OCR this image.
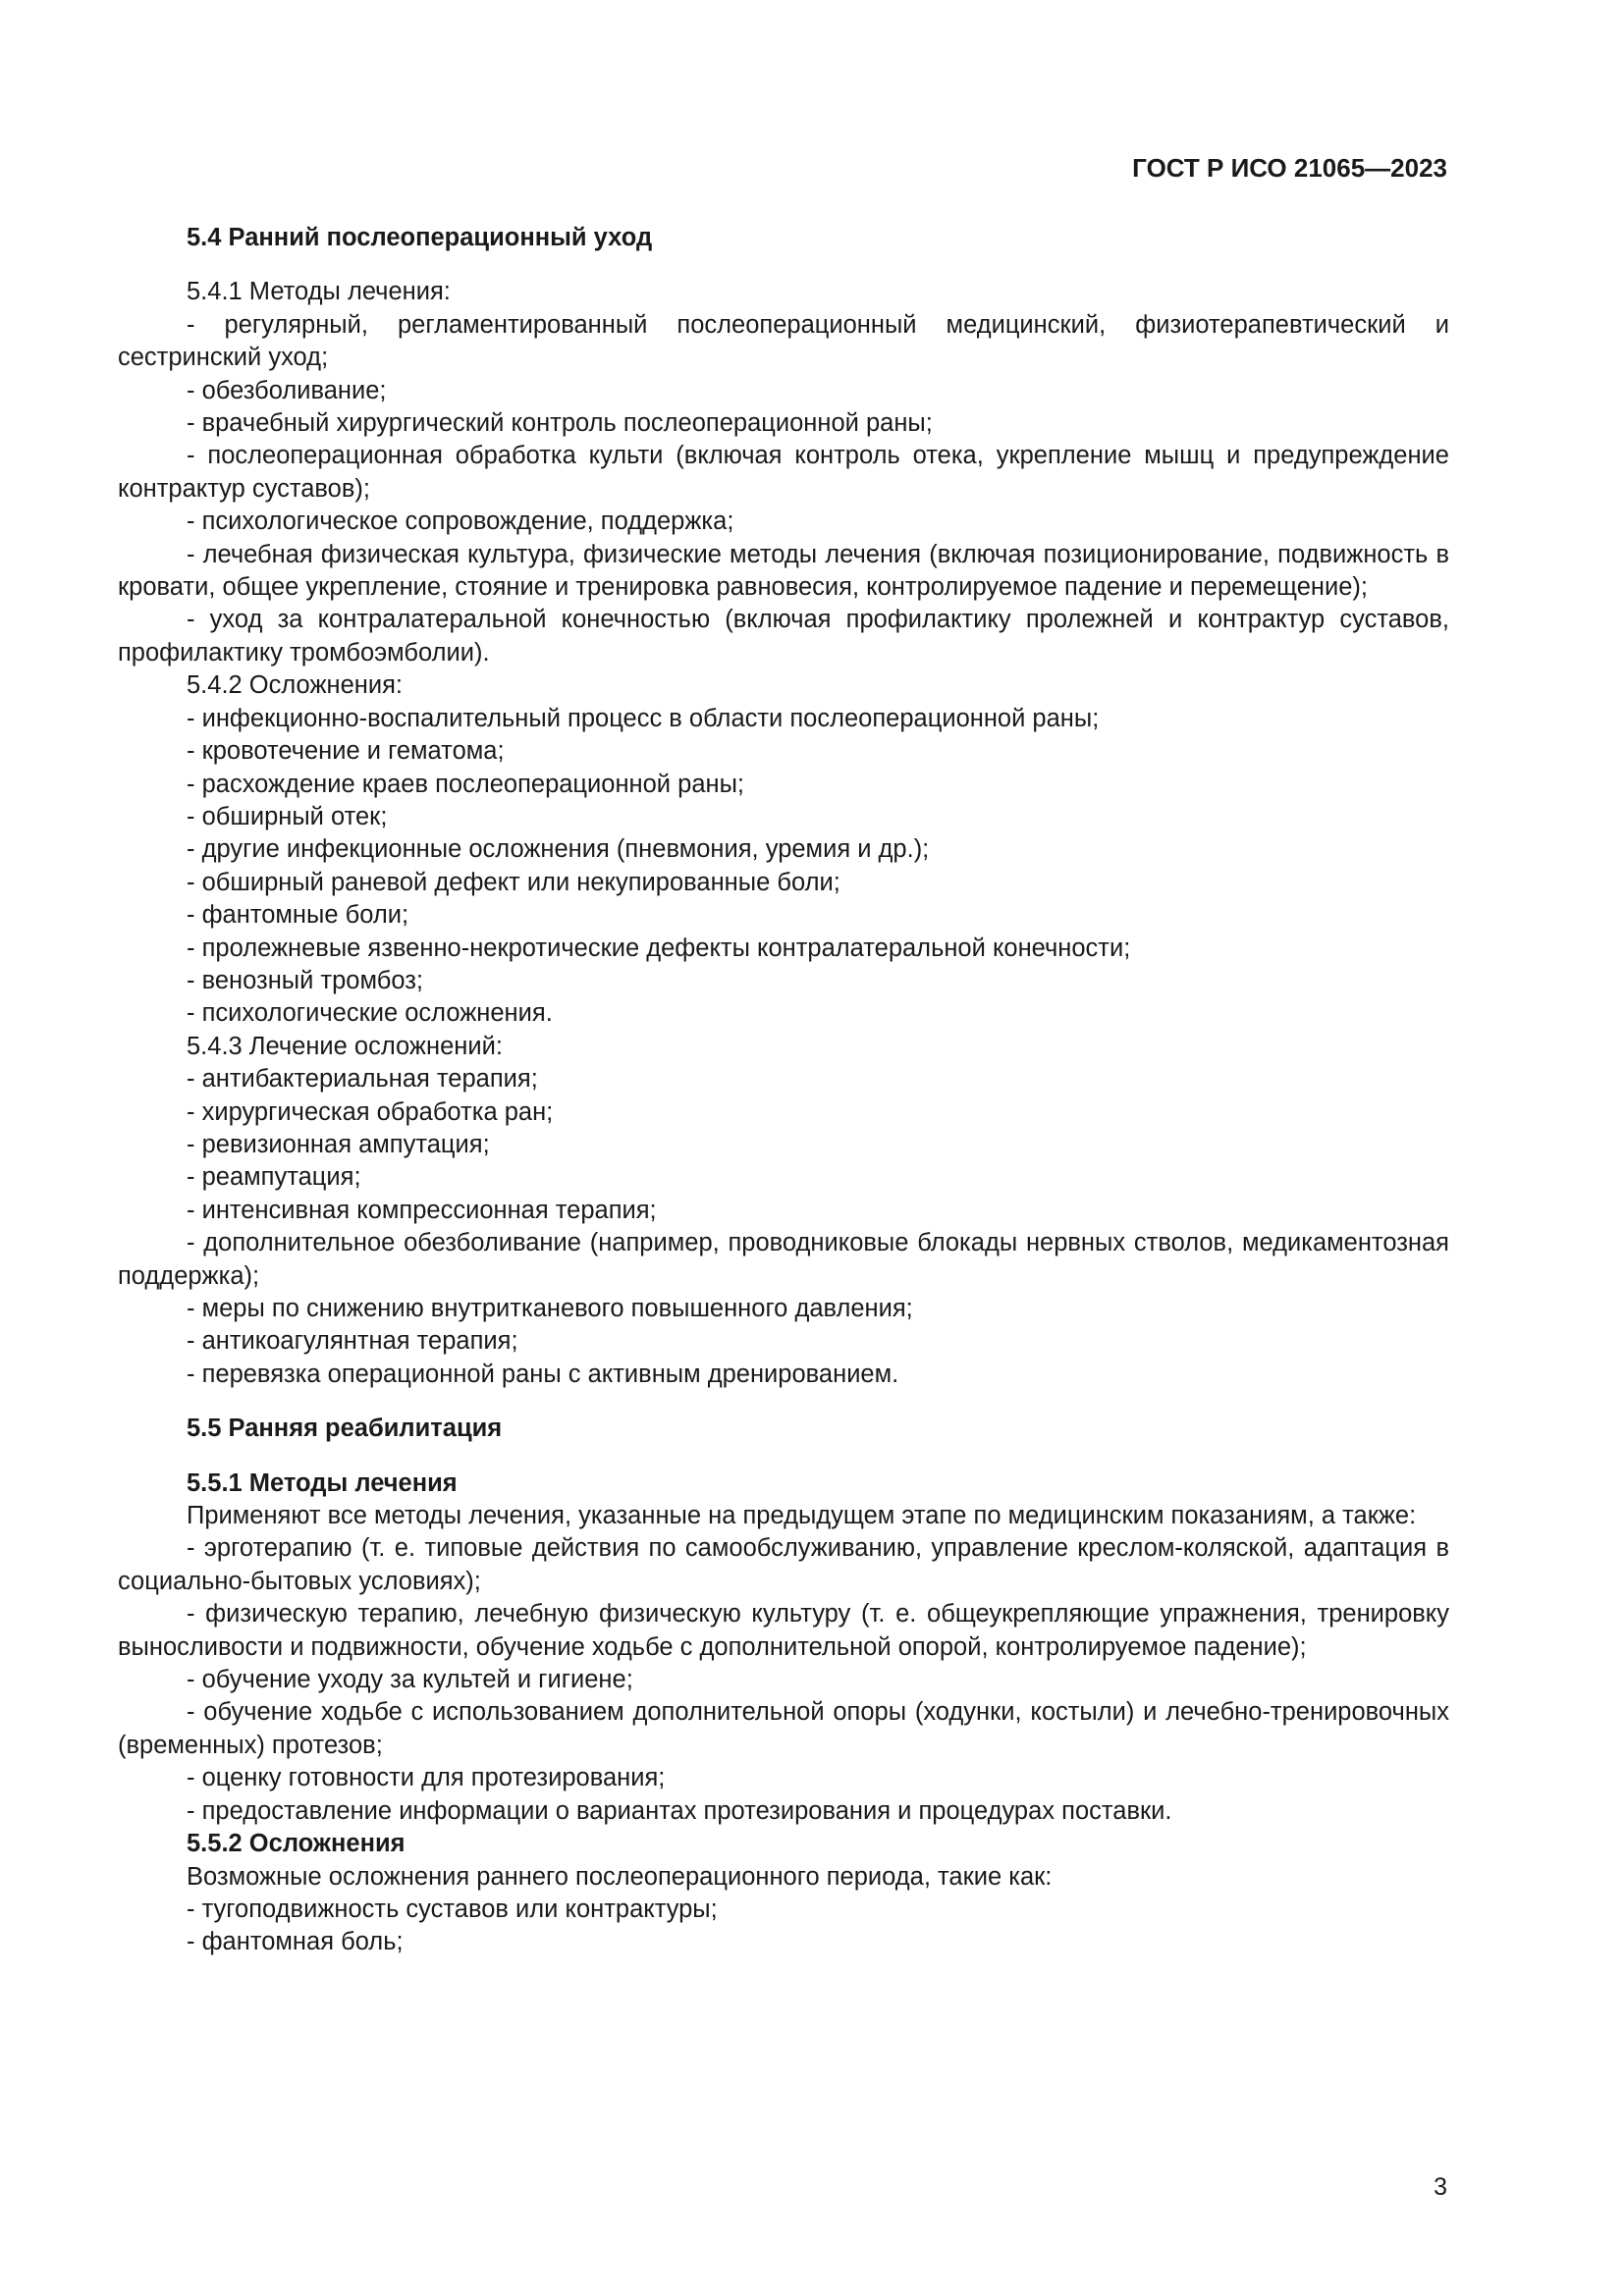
ГОСТ Р ИСО 21065—2023

5.4 Ранний послеоперационный уход

5.4.1 Методы лечения:

- регулярный, регламентированный послеоперационный медицинский, физиотерапевтический и сестринский уход;

- обезболивание;

- врачебный хирургический контроль послеоперационной раны;

- послеоперационная обработка культи (включая контроль отека, укрепление мышц и предупреждение контрактур суставов);

- психологическое сопровождение, поддержка;

- лечебная физическая культура, физические методы лечения (включая позиционирование, подвижность в кровати, общее укрепление, стояние и тренировка равновесия, контролируемое падение и перемещение);

- уход за контралатеральной конечностью (включая профилактику пролежней и контрактур суставов, профилактику тромбоэмболии).

5.4.2 Осложнения:

- инфекционно-воспалительный процесс в области послеоперационной раны;

- кровотечение и гематома;

- расхождение краев послеоперационной раны;

- обширный отек;

- другие инфекционные осложнения (пневмония, уремия и др.);

- обширный раневой дефект или некупированные боли;

- фантомные боли;

- пролежневые язвенно-некротические дефекты контралатеральной конечности;

- венозный тромбоз;

- психологические осложнения.

5.4.3 Лечение осложнений:

- антибактериальная терапия;

- хирургическая обработка ран;

- ревизионная ампутация;

- реампутация;

- интенсивная компрессионная терапия;

- дополнительное обезболивание (например, проводниковые блокады нервных стволов, медикаментозная поддержка);

- меры по снижению внутритканевого повышенного давления;

- антикоагулянтная терапия;

- перевязка операционной раны с активным дренированием.

5.5 Ранняя реабилитация

5.5.1 Методы лечения

Применяют все методы лечения, указанные на предыдущем этапе по медицинским показаниям, а также:

- эрготерапию (т. е. типовые действия по самообслуживанию, управление креслом-коляской, адаптация в социально-бытовых условиях);

- физическую терапию, лечебную физическую культуру (т. е. общеукрепляющие упражнения, тренировку выносливости и подвижности, обучение ходьбе с дополнительной опорой, контролируемое падение);

- обучение уходу за культей и гигиене;

- обучение ходьбе с использованием дополнительной опоры (ходунки, костыли) и лечебно-тренировочных (временных) протезов;

- оценку готовности для протезирования;

- предоставление информации о вариантах протезирования и процедурах поставки.

5.5.2 Осложнения

Возможные осложнения раннего послеоперационного периода, такие как:

- тугоподвижность суставов или контрактуры;

- фантомная боль;

3
